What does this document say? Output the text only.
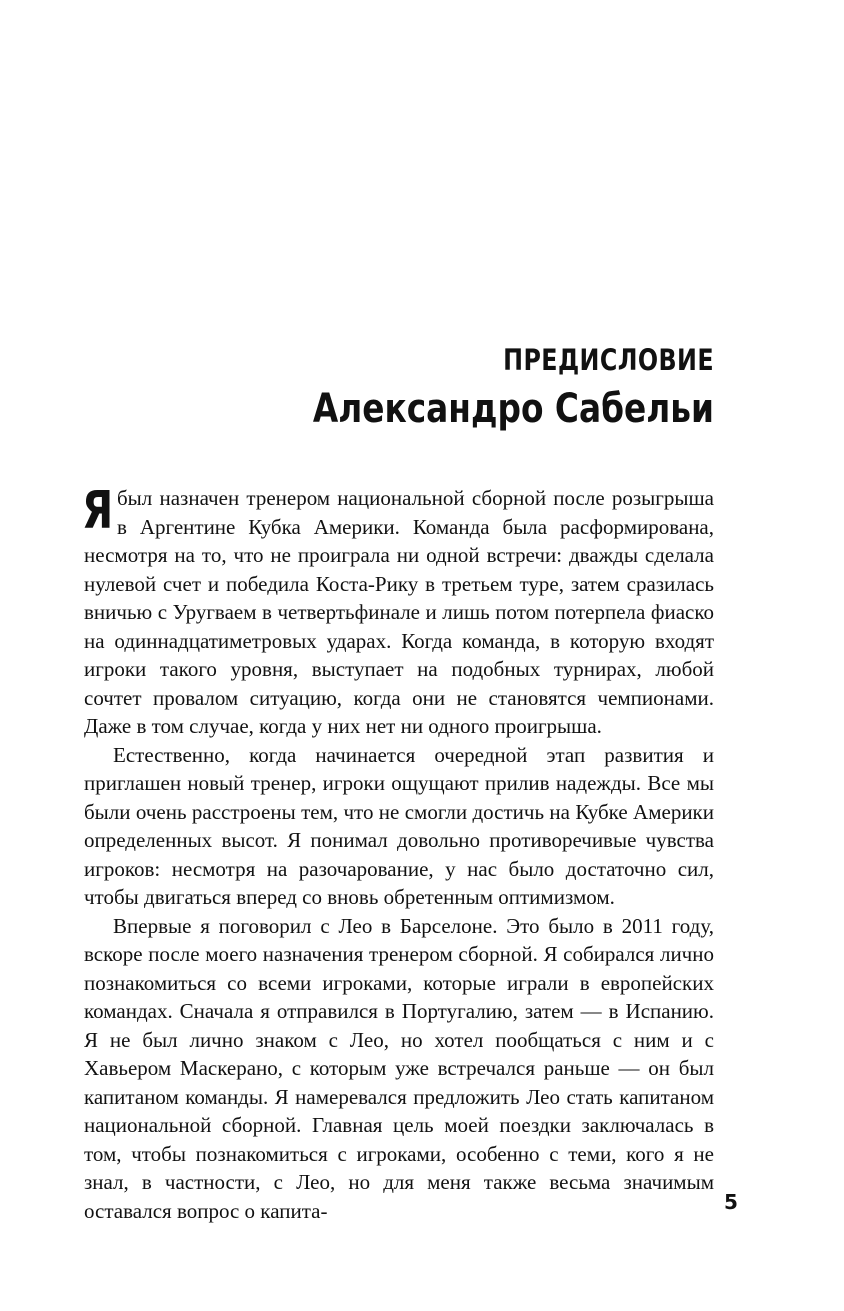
ПРЕДИСЛОВИЕ
Александро Сабельи

Ябыл назначен тренером национальной сборной после розыгрыша в Аргентине Кубка Америки. Команда была расформирована, несмотря на то, что не проиграла ни одной встречи: дважды сделала нулевой счет и победила Коста-Рику в третьем туре, затем сразилась вничью с Уругваем в четвертьфинале и лишь потом потерпела фиаско на одиннадцатиметровых ударах. Когда команда, в которую входят игроки такого уровня, выступает на подобных турнирах, любой сочтет провалом ситуацию, когда они не становятся чемпионами. Даже в том случае, когда у них нет ни одного проигрыша.

Естественно, когда начинается очередной этап развития и приглашен новый тренер, игроки ощущают прилив надежды. Все мы были очень расстроены тем, что не смогли достичь на Кубке Америки определенных высот. Я понимал довольно противоречивые чувства игроков: несмотря на разочарование, у нас было достаточно сил, чтобы двигаться вперед со вновь обретенным оптимизмом.

Впервые я поговорил с Лео в Барселоне. Это было в 2011 году, вскоре после моего назначения тренером сборной. Я собирался лично познакомиться со всеми игроками, которые играли в европейских командах. Сначала я отправился в Португалию, затем — в Испанию. Я не был лично знаком с Лео, но хотел пообщаться с ним и с Хавьером Маскерано, с которым уже встречался раньше — он был капитаном команды. Я намеревался предложить Лео стать капитаном национальной сборной. Главная цель моей поездки заключалась в том, чтобы познакомиться с игроками, особенно с теми, кого я не знал, в частности, с Лео, но для меня также весьма значимым оставался вопрос о капита-	5
